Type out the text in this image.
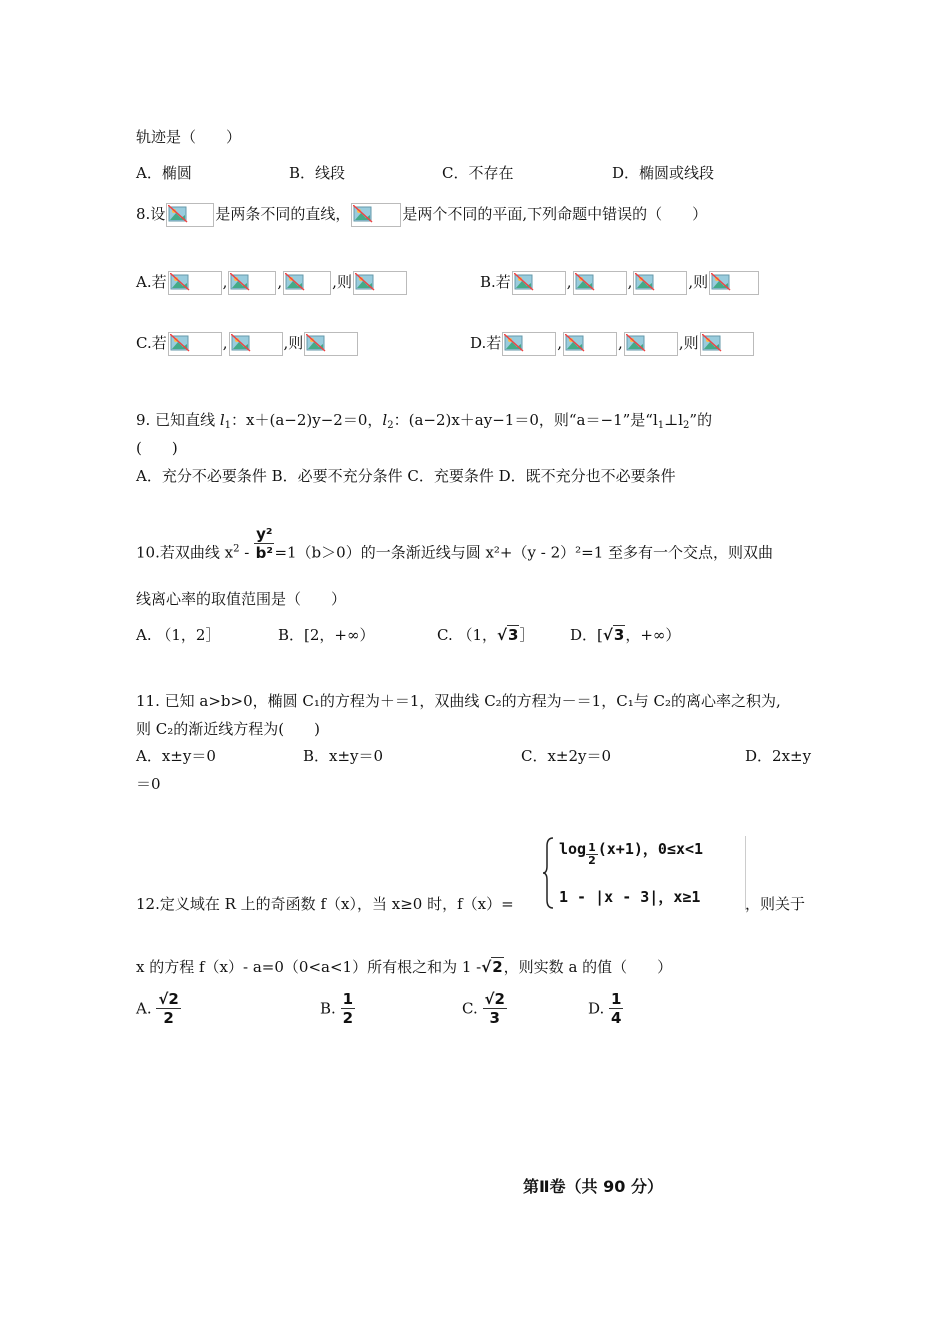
轨迹是（　　）
A．椭圆	B．线段	C．不存在	D．椭圆或线段
8.设	是两条不同的直线，	是两个不同的平面,下列命题中错误的（　　）
A.若	,	,	,则	B.若	,	,	,则
C.若	,	,则	D.若	,	,	,则
9. 已知直线 $l_1$：x＋(a−2)y−2＝0，$l_2$：(a−2)x＋ay−1＝0，则“a＝−1”是“$l_1\perp l_2$”的
(　　)
A．充分不必要条件 B．必要不充分条件 C．充要条件 D．既不充分也不必要条件
10.若双曲线 $x^2 - \frac{\text{y²}}{\text{b²}} =1(b>0)$的一条渐近线与圆 x²+（y - 2）²=1 至多有一个交点，则双曲
线离心率的取值范围是（　　）
A. （1，2］	B．[2，+∞）	C. （1，√3］ D．[√3，+∞）
11. 已知 a>b>0，椭圆 C₁的方程为＋＝1，双曲线 C₂的方程为－＝1，C₁与 C₂的离心率之积为,
则 C₂的渐近线方程为(　　)
A．x±y＝0	B．x±y＝0	C．x±2y＝0	D．2x±y
＝0
12.定义域在 R 上的奇函数 f（x），当 x≥0 时，f（x）=
$\log \frac{1}{2} (x+1)$，0≤x<1
1 - |x - 3|，x≥1	，则关于
x 的方程 f（x）- a=0（0<a<1）所有根之和为 1 -√2，则实数 a 的值（　　）
A. $\frac{√2}{2}$	B. $\frac{1}{2}$	C. $\frac{√2}{3}$	D. $\frac{1}{4}$
第Ⅱ卷（共 90 分）
